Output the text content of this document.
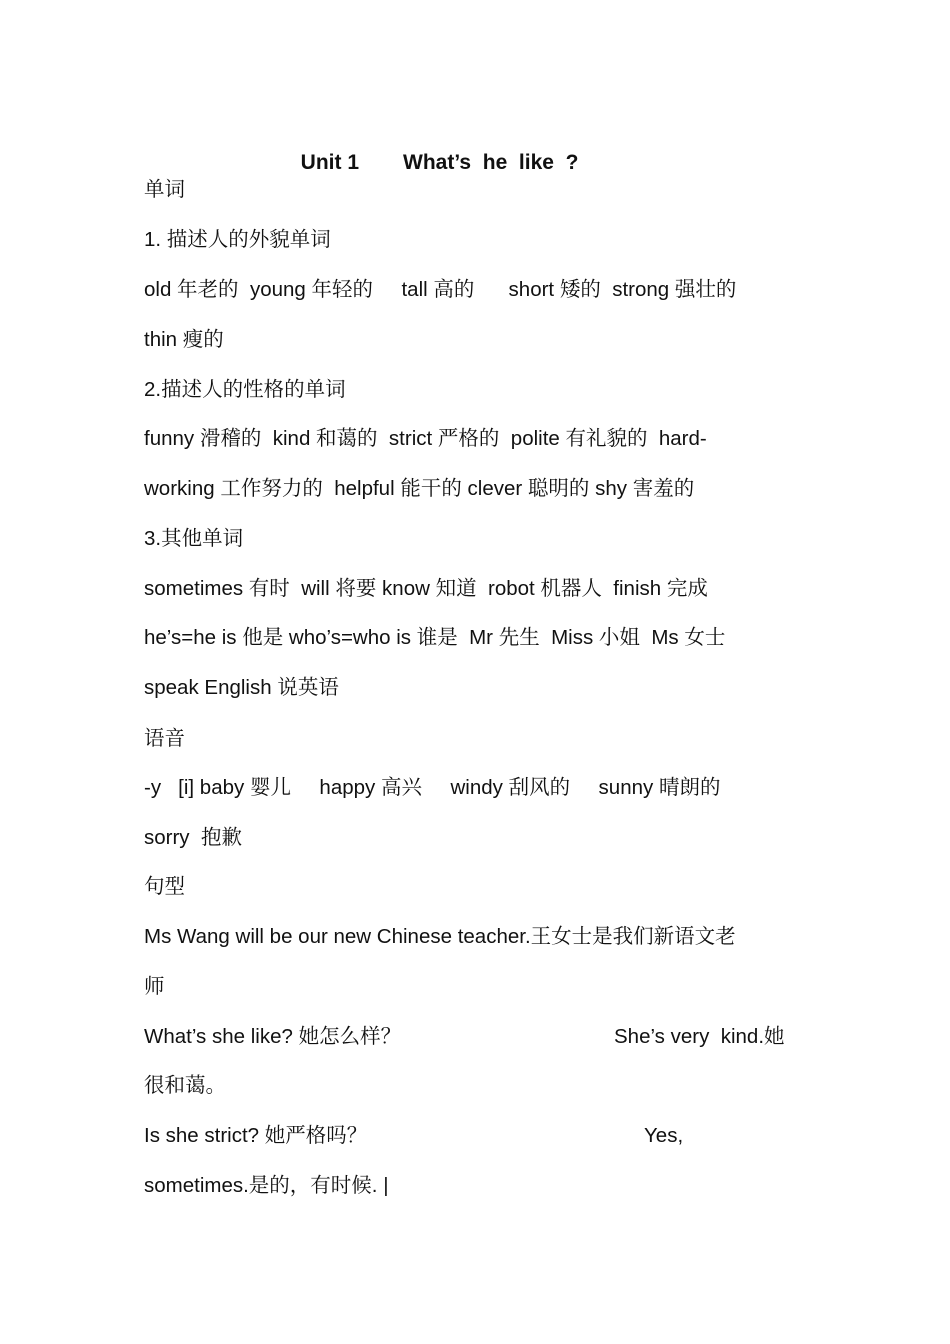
Unit 1 What’s  he  like  ?

单词

1. 描述人的外貌单词

old 年老的  young 年轻的     tall 高的      short 矮的  strong 强壮的

thin 瘦的

2.描述人的性格的单词

funny 滑稽的  kind 和蔼的  strict 严格的  polite 有礼貌的  hard-

working 工作努力的  helpful 能干的 clever 聪明的 shy 害羞的

3.其他单词

sometimes 有时  will 将要 know 知道  robot 机器人  finish 完成

he’s=he is 他是 who’s=who is 谁是  Mr 先生  Miss 小姐  Ms 女士

speak English 说英语

语音

-y   [i] baby 婴儿     happy 高兴     windy 刮风的     sunny 晴朗的

sorry  抱歉

句型

Ms Wang will be our new Chinese teacher.王女士是我们新语文老

师

What’s she like? 她怎么样？	She’s very  kind.她

很和蔼。

Is she strict? 她严格吗？	Yes,

sometimes.是的，有时候. |
